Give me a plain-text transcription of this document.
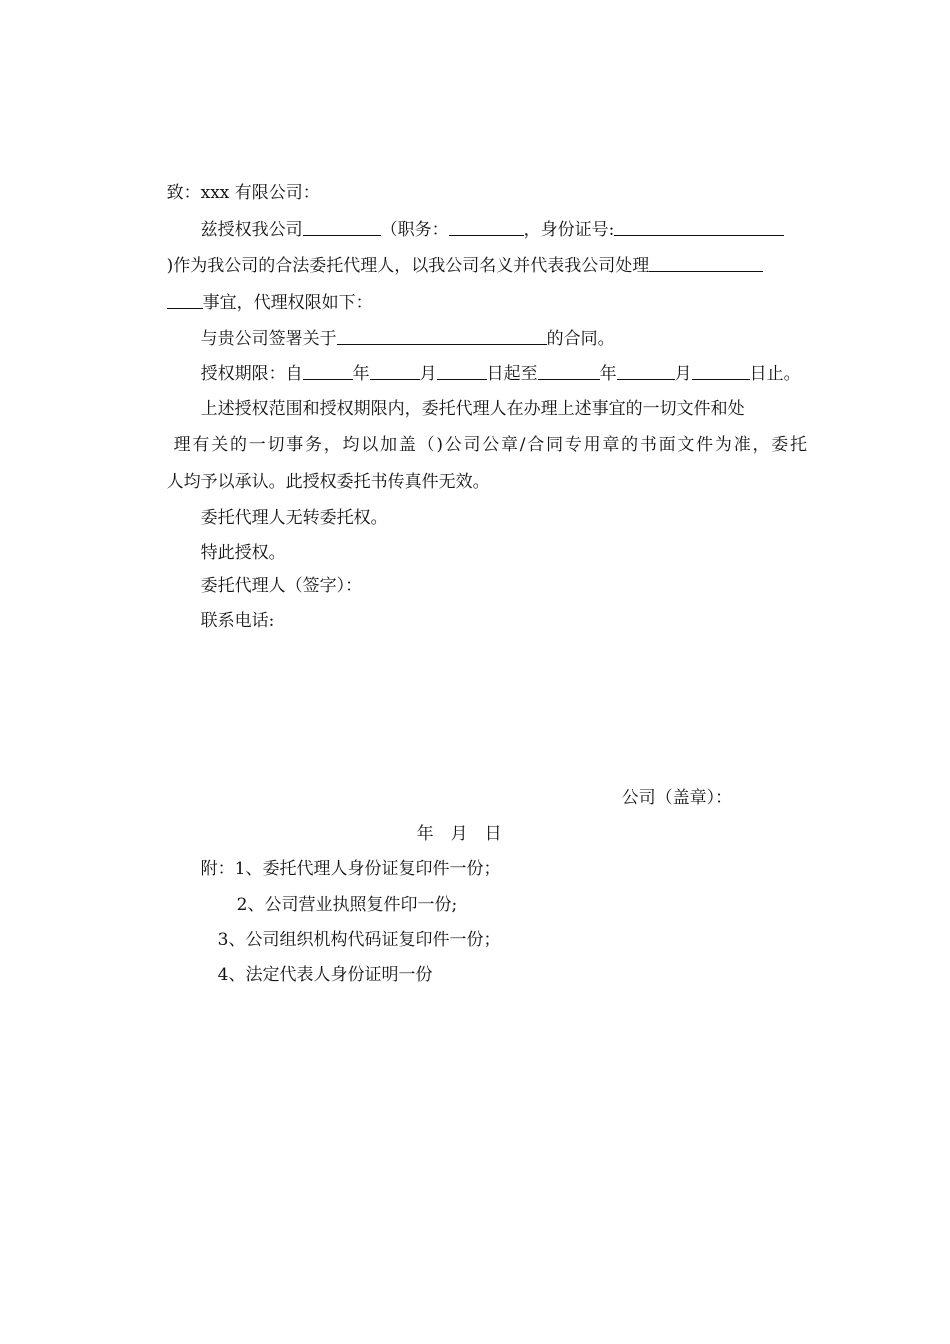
致：xxx 有限公司：

兹授权我公司	（职务：	，身份证号:

)作为我公司的合法委托代理人，以我公司名义并代表我公司处理

事宜，代理权限如下：

与贵公司签署关于	的合同。

授权期限：自	年	月	日起至	年	月	日止。

上述授权范围和授权期限内，委托代理人在办理上述事宜的一切文件和处

理有关的一切事务，均以加盖（)公司公章/合同专用章的书面文件为准，委托

人均予以承认。此授权委托书传真件无效。

委托代理人无转委托权。

特此授权。

委托代理人（签字）：

联系电话:

公司（盖章）：

年　月　日

附：1、委托代理人身份证复印件一份；

2、公司营业执照复件印一份;

3、公司组织机构代码证复印件一份；

4、法定代表人身份证明一份
